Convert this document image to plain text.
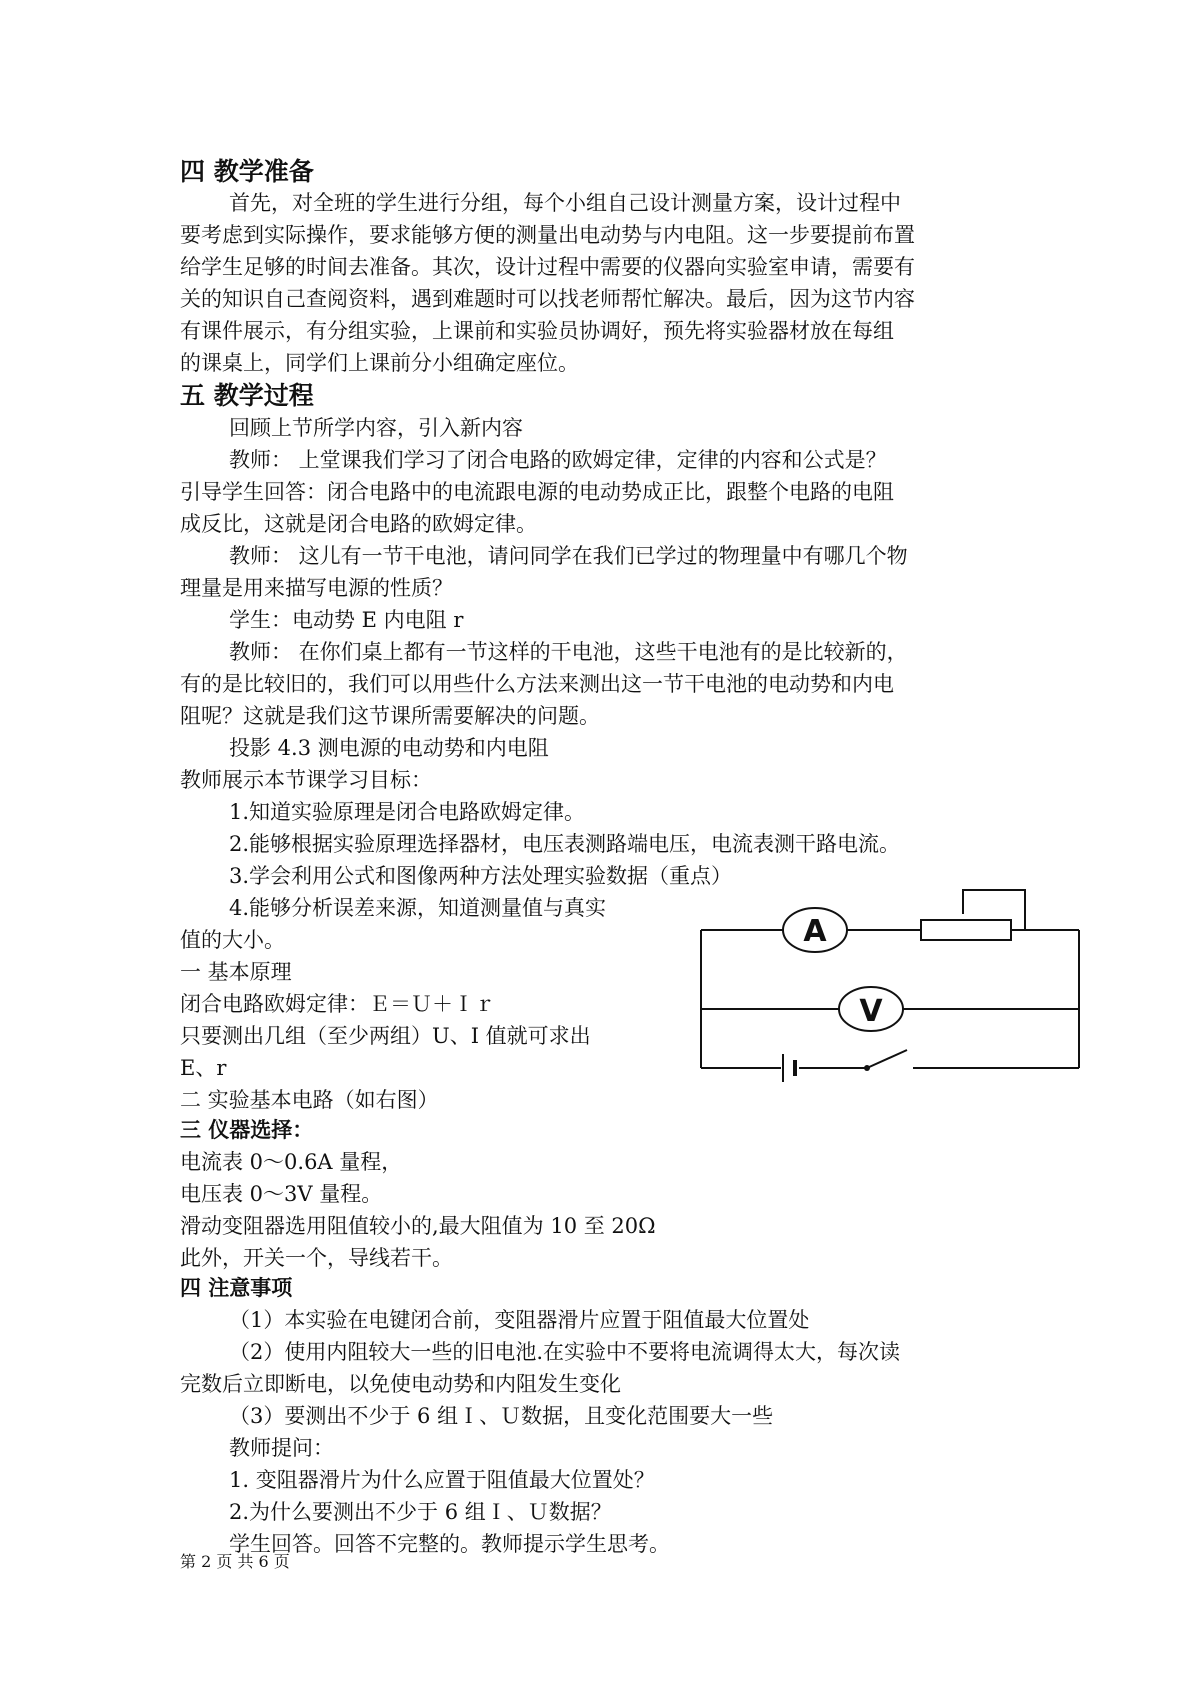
四 教学准备
首先，对全班的学生进行分组，每个小组自己设计测量方案，设计过程中
要考虑到实际操作，要求能够方便的测量出电动势与内电阻。这一步要提前布置
给学生足够的时间去准备。其次，设计过程中需要的仪器向实验室申请，需要有
关的知识自己查阅资料，遇到难题时可以找老师帮忙解决。最后，因为这节内容
有课件展示，有分组实验，上课前和实验员协调好，预先将实验器材放在每组
的课桌上，同学们上课前分小组确定座位。
五 教学过程
回顾上节所学内容，引入新内容
教师： 上堂课我们学习了闭合电路的欧姆定律，定律的内容和公式是？
引导学生回答：闭合电路中的电流跟电源的电动势成正比，跟整个电路的电阻
成反比，这就是闭合电路的欧姆定律。
教师： 这儿有一节干电池，请问同学在我们已学过的物理量中有哪几个物
理量是用来描写电源的性质？
学生：电动势 E 内电阻 r
教师： 在你们桌上都有一节这样的干电池，这些干电池有的是比较新的，
有的是比较旧的，我们可以用些什么方法来测出这一节干电池的电动势和内电
阻呢？这就是我们这节课所需要解决的问题。
投影 4.3 测电源的电动势和内电阻
教师展示本节课学习目标：
1.知道实验原理是闭合电路欧姆定律。
2.能够根据实验原理选择器材，电压表测路端电压，电流表测干路电流。
3.学会利用公式和图像两种方法处理实验数据（重点）
4.能够分析误差来源，知道测量值与真实
值的大小。
一 基本原理
闭合电路欧姆定律：Ｅ＝Ｕ＋Ｉｒ
只要测出几组（至少两组）U、I 值就可求出
E、r
二 实验基本电路（如右图）
三 仪器选择：
电流表 0～0.6A 量程，
电压表 0～3V 量程。
滑动变阻器选用阻值较小的,最大阻值为 10 至 20Ω
此外，开关一个，导线若干。
四 注意事项
（1）本实验在电键闭合前，变阻器滑片应置于阻值最大位置处
（2）使用内阻较大一些的旧电池.在实验中不要将电流调得太大，每次读
完数后立即断电，以免使电动势和内阻发生变化
（3）要测出不少于 6 组Ｉ、Ｕ数据，且变化范围要大一些
教师提问：
1. 变阻器滑片为什么应置于阻值最大位置处？
2.为什么要测出不少于 6 组Ｉ、Ｕ数据？
学生回答。回答不完整的。教师提示学生思考。
A
V
第 2 页 共 6 页
